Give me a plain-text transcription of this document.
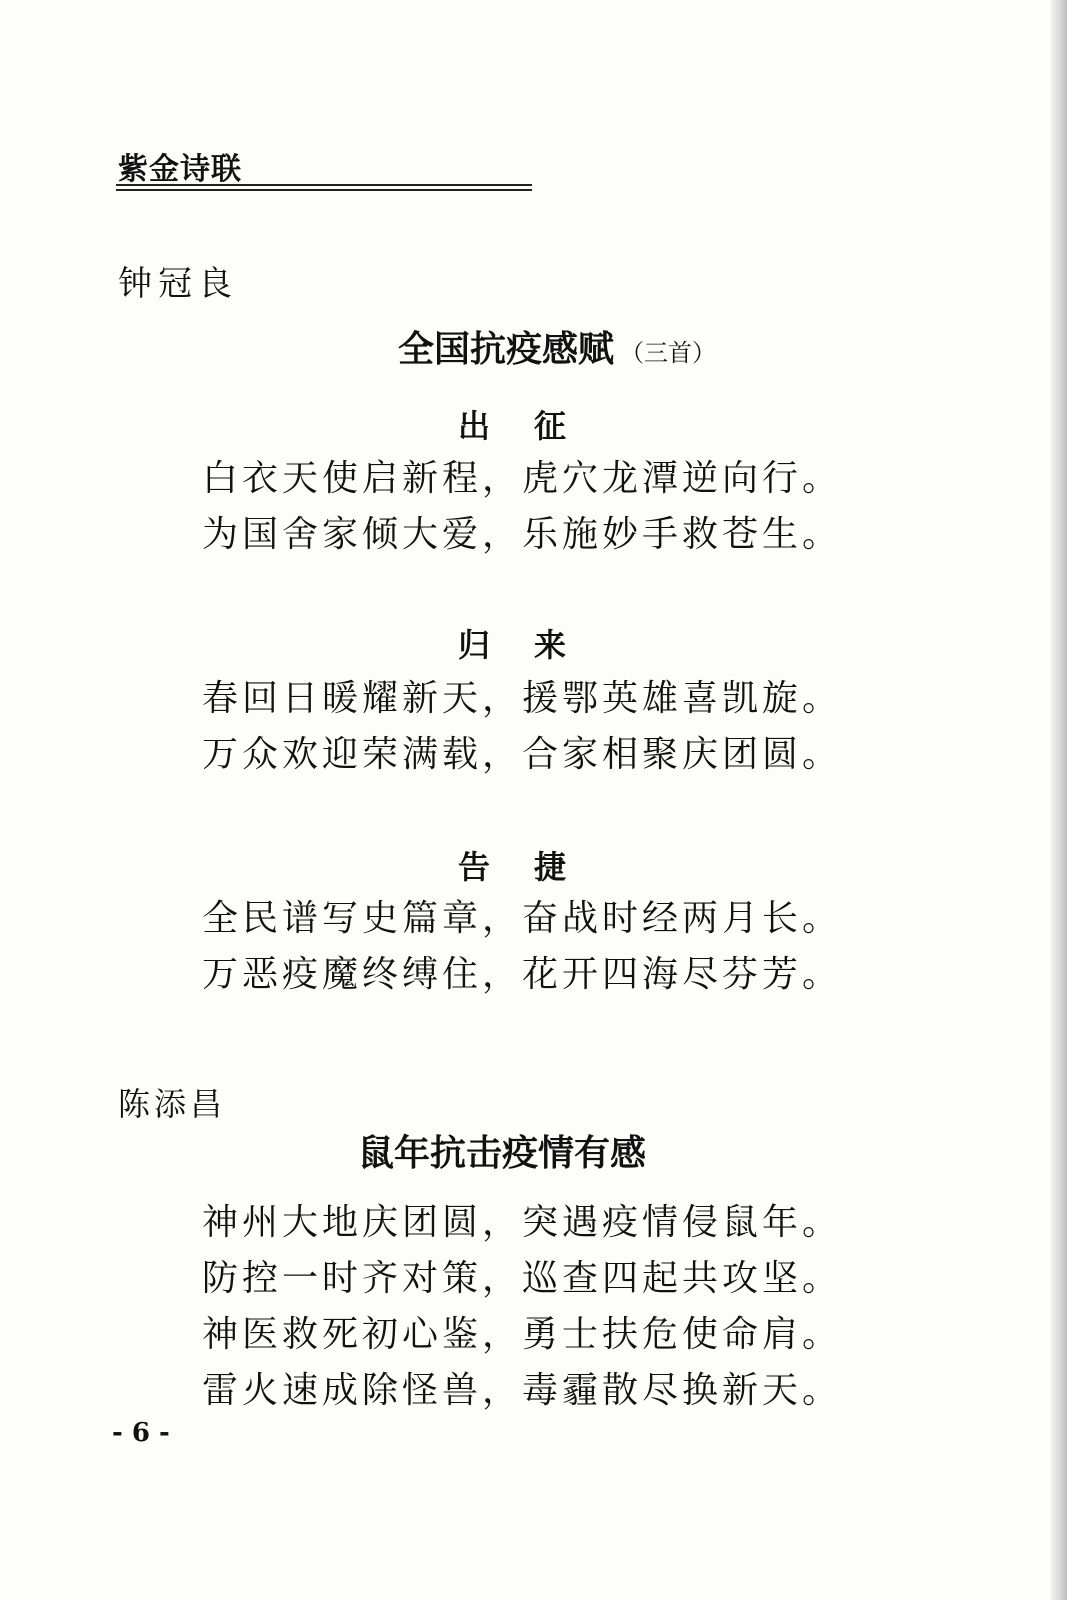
紫金诗联
钟冠良
全国抗疫感赋 （三首）
出征
白衣天使启新程，虎穴龙潭逆向行。
为国舍家倾大爱，乐施妙手救苍生。
归来
春回日暖耀新天，援鄂英雄喜凯旋。
万众欢迎荣满载，合家相聚庆团圆。
告捷
全民谱写史篇章，奋战时经两月长。
万恶疫魔终缚住，花开四海尽芬芳。
陈添昌
鼠年抗击疫情有感
神州大地庆团圆，突遇疫情侵鼠年。
防控一时齐对策，巡查四起共攻坚。
神医救死初心鉴，勇士扶危使命肩。
雷火速成除怪兽，毒霾散尽换新天。
- 6 -
